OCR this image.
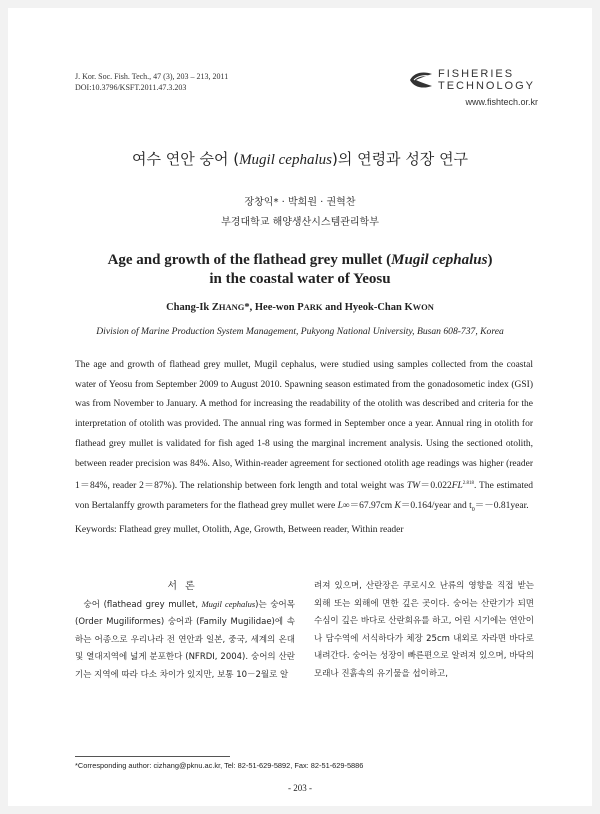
J. Kor. Soc. Fish. Tech., 47 (3), 203 – 213, 2011
DOI:10.3796/KSFT.2011.47.3.203
FISHERIES
TECHNOLOGY
www.fishtech.or.kr
여수 연안 숭어 (Mugil cephalus)의 연령과 성장 연구
장창익* · 박희원 · 권혁찬
부경대학교 해양생산시스템관리학부
Age and growth of the flathead grey mullet (Mugil cephalus)
in the coastal water of Yeosu
Chang-Ik ZHANG*, Hee-won PARK and Hyeok-Chan KWON
Division of Marine Production System Management, Pukyong National University, Busan 608-737, Korea
The age and growth of flathead grey mullet, Mugil cephalus, were studied using samples collected from the coastal water of Yeosu from September 2009 to August 2010. Spawning season estimated from the gonadosometic index (GSI) was from November to January. A method for increasing the readability of the otolith was described and criteria for the interpretation of otolith was provided. The annual ring was formed in September once a year. Annual ring in otolith for flathead grey mullet is validated for fish aged 1-8 using the marginal increment analysis. Using the sectioned otolith, between reader precision was 84%. Also, Within-reader agreement for sectioned otolith age readings was higher (reader 1＝84%, reader 2＝87%). The relationship between fork length and total weight was $TW=0.022FL^{2.818}$. The estimated von Bertalanffy growth parameters for the flathead grey mullet were L∞＝67.97cm K＝0.164/year and $t_0=-0.81year$.
Keywords: Flathead grey mullet, Otolith, Age, Growth, Between reader, Within reader
서론
 숭어 (flathead grey mullet, Mugil cephalus)는 숭어목 (Order Mugiliformes) 숭어과 (Family Mugilidae)에 속하는 어종으로 우리나라 전 연안과 일본, 중국, 세계의 온대 및 열대지역에 넓게 분포한다 (NFRDI, 2004). 숭어의 산란기는 지역에 따라 다소 차이가 있지만, 보통 10－2월로 알
려져 있으며, 산란장은 쿠로시오 난류의 영향을 직접 받는 외해 또는 외해에 면한 깊은 곳이다. 숭어는 산란기가 되면 수심이 깊은 바다로 산란회유를 하고, 어린 시기에는 연안이나 담수역에 서식하다가 체장 25cm 내외로 자라면 바다로 내려간다. 숭어는 성장이 빠른편으로 알려져 있으며, 바닥의 모래나 진흙속의 유기물을 섭이하고,
*Corresponding author: cizhang@pknu.ac.kr, Tel: 82-51-629-5892, Fax: 82-51-629-5886
- 203 -
